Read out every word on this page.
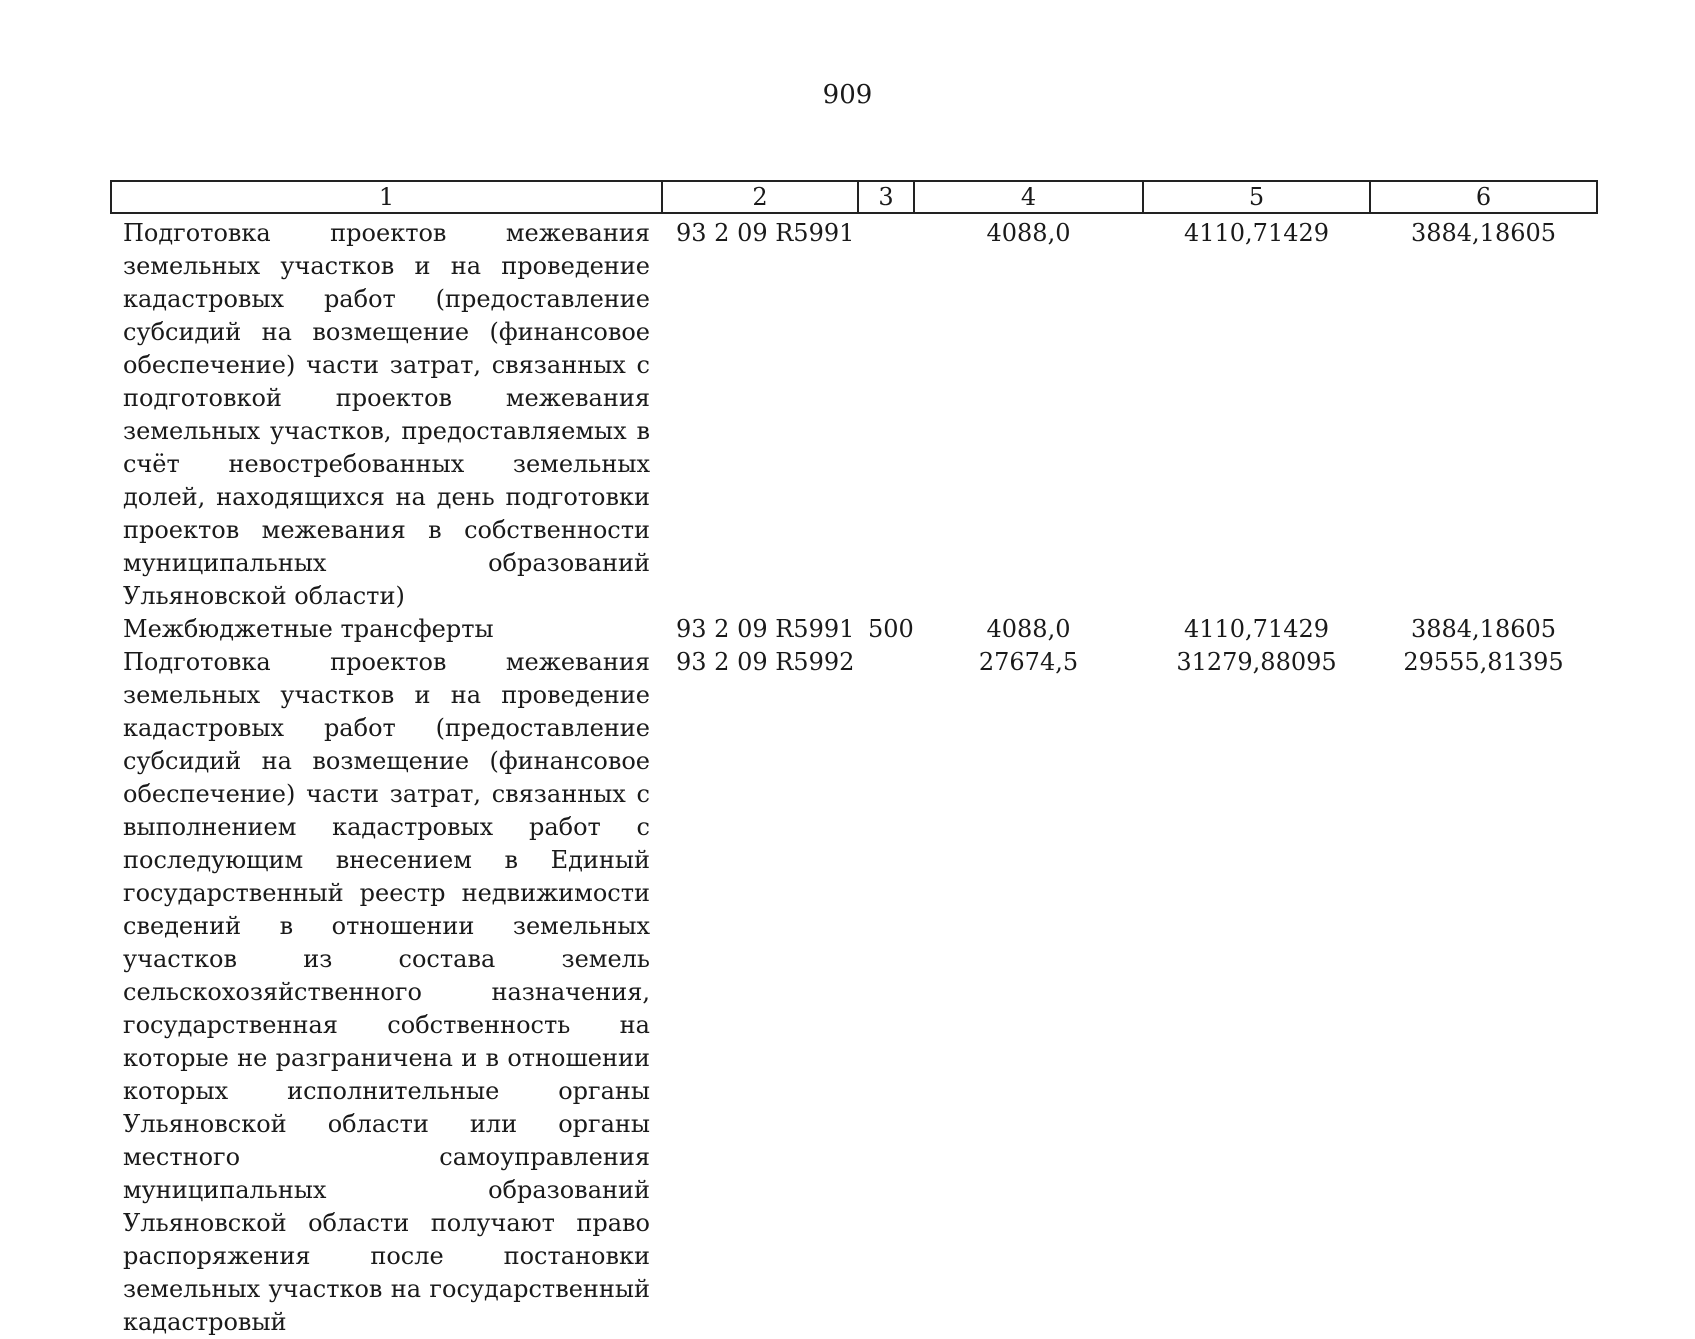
909
1	2	3	4	5	6
Подготовка проектов межевания земельных участков и на проведение кадастровых работ (предоставление субсидий на возмещение (финансовое обеспечение) части затрат, связанных с подготовкой проектов межевания земельных участков, предоставляемых в счёт невостребованных земельных долей, находящихся на день подготовки проектов межевания в собственности муниципальных образований Ульяновской области)	93 2 09 R5991		4088,0	4110,71429	3884,18605
Межбюджетные трансферты	93 2 09 R5991	500	4088,0	4110,71429	3884,18605
Подготовка проектов межевания земельных участков и на проведение кадастровых работ (предоставление субсидий на возмещение (финансовое обеспечение) части затрат, связанных с выполнением кадастровых работ с последующим внесением в Единый государственный реестр недвижимости сведений в отношении земельных участков из состава земель сельскохозяйственного назначения, государственная собственность на которые не разграничена и в отношении которых исполнительные органы Ульяновской области или органы местного самоуправления муниципальных образований Ульяновской области получают право распоряжения после постановки земельных участков на государственный кадастровый	93 2 09 R5992		27674,5	31279,88095	29555,81395
